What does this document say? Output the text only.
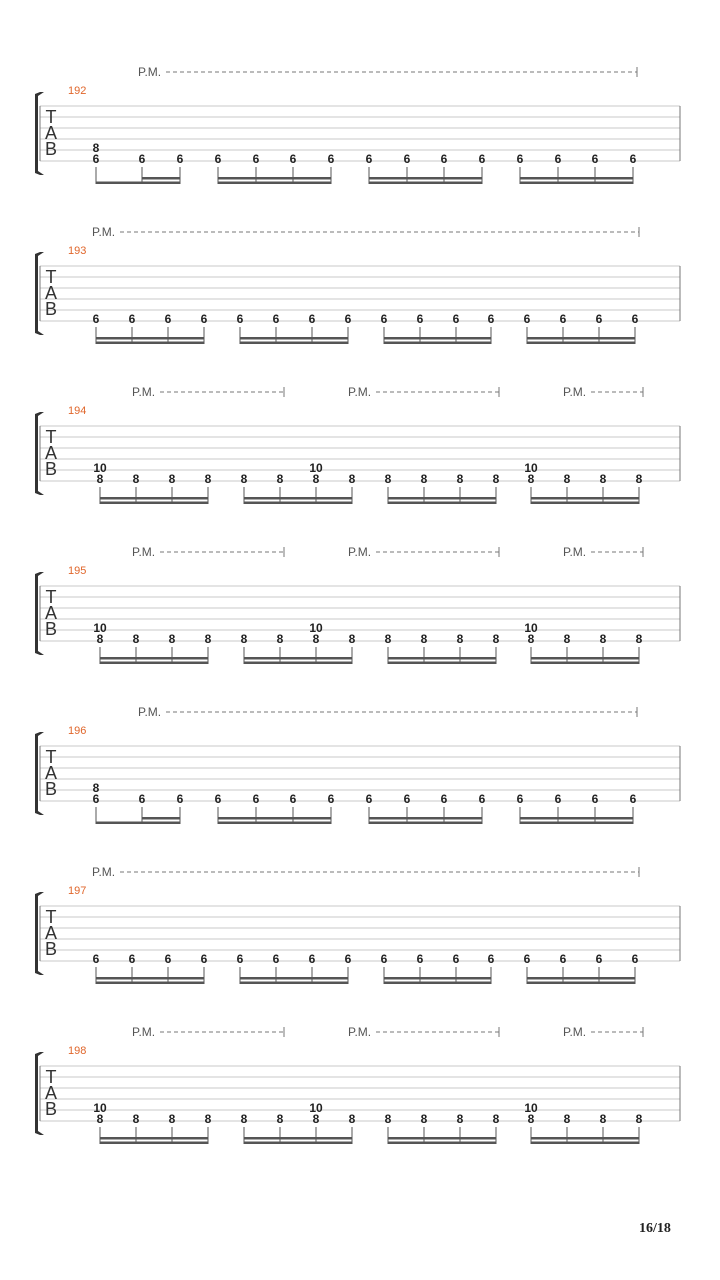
P.M.
192
T
A
B	6
8
6	6	6	6	6	6	6	6	6	6	6	6	6	6
P.M.
193
T
A
B	6 6 6 6 6 6 6 6 6 6 6 6 6 6 6 6
P.M.	P.M.	P.M.
194
T
A
B	8
10
8 8 8 8 8 8
10
8 8 8 8 8 8
10
8 8 8
P.M.	P.M.	P.M.
195
T
A
B	8
10
8 8 8 8 8 8
10
8 8 8 8 8 8
10
8 8 8
P.M.
196
T
A
B	6
8
6	6	6	6	6	6	6	6	6	6	6	6	6	6
P.M.
197
T
A
B	6 6 6 6 6 6 6 6 6 6 6 6 6 6 6 6
P.M.	P.M.	P.M.
198
T
A
B	8
10
8 8 8 8 8 8
10
8 8 8 8 8 8
10
8 8 8
16/18
